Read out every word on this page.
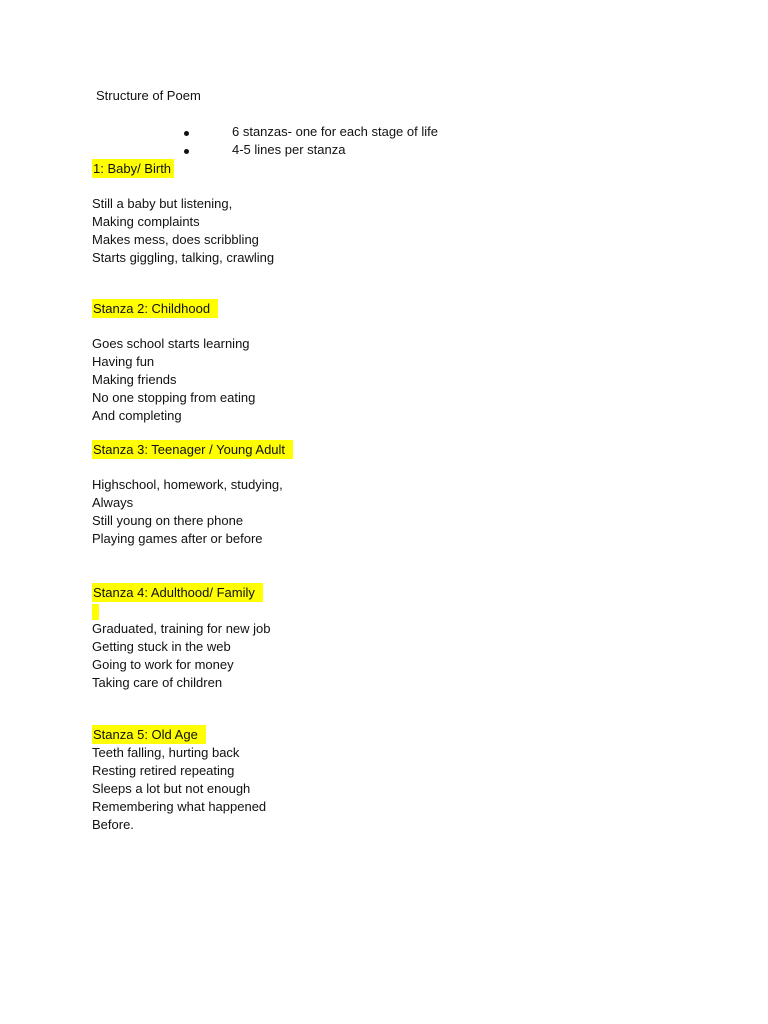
Structure of Poem
6 stanzas- one for each stage of life
4-5 lines per stanza
1: Baby/ Birth
Still a baby but listening,
Making complaints
Makes mess, does scribbling
Starts giggling, talking, crawling
Stanza 2: Childhood
Goes school starts learning
Having fun
Making friends
No one stopping from eating
And completing
Stanza 3: Teenager / Young Adult
Highschool, homework, studying,
Always
Still young on there phone
Playing games after or before
Stanza 4: Adulthood/ Family
Graduated, training for new job
Getting stuck in the web
Going to work for money
Taking care of children
Stanza 5: Old Age
Teeth falling, hurting back
Resting retired repeating
Sleeps a lot but not enough
Remembering what happened
Before.
